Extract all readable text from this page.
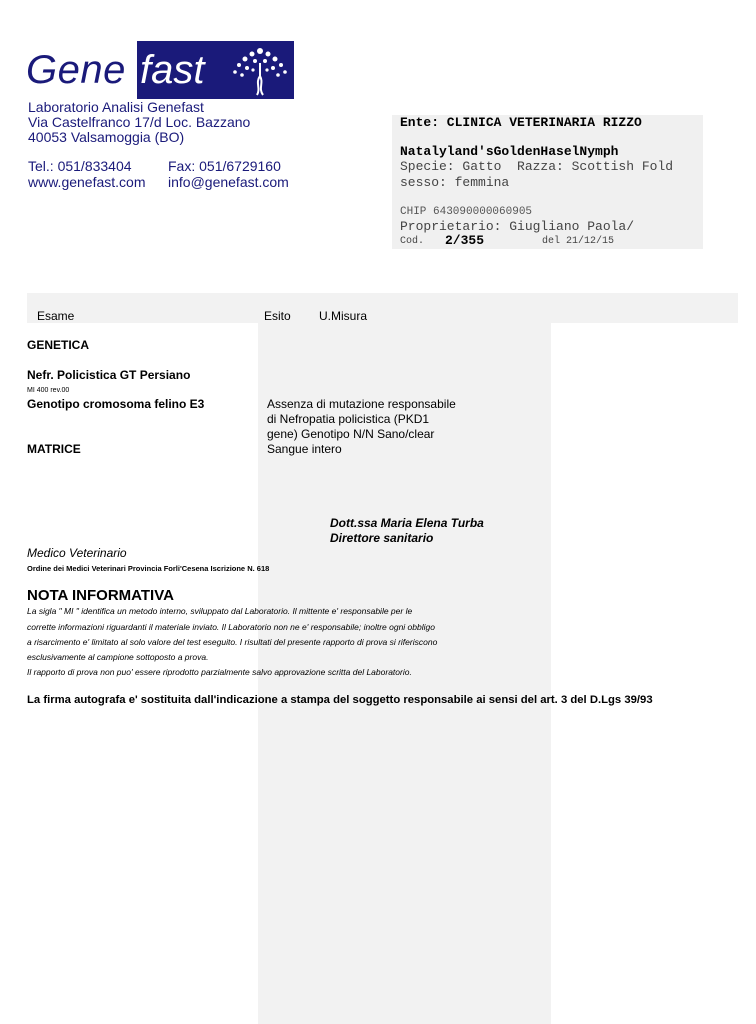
Gene fast
Laboratorio Analisi Genefast
Via Castelfranco 17/d Loc. Bazzano
40053 Valsamoggia (BO)
Tel.: 051/833404	Fax: 051/6729160
www.genefast.com info@genefast.com
Ente: CLINICA VETERINARIA RIZZO
Natalyland'sGoldenHaselNymph
Specie: Gatto  Razza: Scottish Fold
sesso: femmina
CHIP 643090000060905
Proprietario: Giugliano Paola/
Cod. 2/355	del 21/12/15
Esame	Esito U.Misura
GENETICA
Nefr. Policistica GT Persiano
MI 400 rev.00
Genotipo cromosoma felino E3	Assenza di mutazione responsabile
di Nefropatia policistica (PKD1
gene) Genotipo N/N Sano/clear
MATRICE	Sangue intero
Dott.ssa Maria Elena Turba
Direttore sanitario
Medico Veterinario
Ordine dei Medici Veterinari Provincia Forli'Cesena Iscrizione N. 618
NOTA INFORMATIVA
La sigla " MI " identifica un metodo interno, sviluppato dal Laboratorio. Il mittente e' responsabile per le
corrette informazioni riguardanti il materiale inviato. Il Laboratorio non ne e' responsabile; inoltre ogni obbligo
a risarcimento e' limitato al solo valore del test eseguito. I risultati del presente rapporto di prova si riferiscono
esclusivamente al campione sottoposto a prova.
Il rapporto di prova non puo' essere riprodotto parzialmente salvo approvazione scritta del Laboratorio.
La firma autografa e' sostituita dall'indicazione a stampa del soggetto responsabile ai sensi del art. 3 del D.Lgs 39/93
